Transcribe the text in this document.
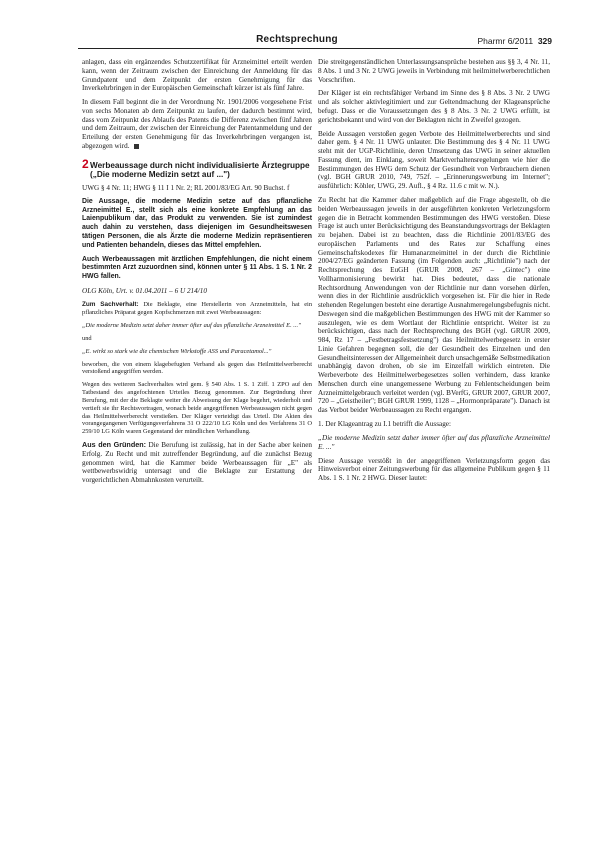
Rechtsprechung	Pharmr 6/2011 329

anlagen, dass ein ergänzendes Schutzzertifikat für Arzneimittel erteilt werden kann, wenn der Zeitraum zwischen der Einreichung der Anmeldung für das Grundpatent und dem Zeitpunkt der ersten Genehmigung für das Inverkehrbringen in der Europäischen Gemeinschaft kürzer ist als fünf Jahre.

In diesem Fall beginnt die in der Verordnung Nr. 1901/2006 vorgesehene Frist von sechs Monaten ab dem Zeitpunkt zu laufen, der dadurch bestimmt wird, dass vom Zeitpunkt des Ablaufs des Patents die Differenz zwischen fünf Jahren und dem Zeitraum, der zwischen der Einreichung der Patentanmeldung und der Erteilung der ersten Genehmigung für das Inverkehrbringen vergangen ist, abgezogen wird.

2 Werbeaussage durch nicht individualisierte Ärztegruppe („Die moderne Medizin setzt auf ...")

UWG § 4 Nr. 11; HWG § 11 I 1 Nr. 2; RL 2001/83/EG Art. 90 Buchst. f

Die Aussage, die moderne Medizin setze auf das pflanzliche Arzneimittel E., stellt sich als eine konkrete Empfehlung an das Laienpublikum dar, das Produkt zu verwenden. Sie ist zumindest auch dahin zu verstehen, dass diejenigen im Gesundheitswesen tätigen Personen, die als Ärzte die moderne Medizin repräsentieren und Patienten behandeln, dieses das Mittel empfehlen.

Auch Werbeaussagen mit ärztlichen Empfehlungen, die nicht einem bestimmten Arzt zuzuordnen sind, können unter § 11 Abs. 1 S. 1 Nr. 2 HWG fallen.

OLG Köln, Urt. v. 01.04.2011 – 6 U 214/10

Zum Sachverhalt: Die Beklagte, eine Herstellerin von Arzneimitteln, hat ein pflanzliches Präparat gegen Kopfschmerzen mit zwei Werbeaussagen:

„Die moderne Medizin setzt daher immer öfter auf das pflanzliche Arzneimittel E. ..."

und

„E. wirkt so stark wie die chemischen Wirkstoffe ASS und Paracetamol..."

beworben, die von einem klagebefugten Verband als gegen das Heilmittelwerberecht verstoßend angegriffen werden.

Wegen des weiteren Sachverhaltes wird gem. § 540 Abs. 1 S. 1 Ziff. 1 ZPO auf den Tatbestand des angefochtenen Urteiles Bezug genommen. Zur Begründung ihrer Berufung, mit der die Beklagte weiter die Abweisung der Klage begehrt, wiederholt und vertieft sie ihr Rechtsvortragen, wonach beide angegriffenen Werbeaussagen nicht gegen das Heilmittelwerberecht verstießen. Der Kläger verteidigt das Urteil. Die Akten des vorangegangenen Verfügungsverfahrens 31 O 222/10 LG Köln und des Verfahrens 31 O 259/10 LG Köln waren Gegenstand der mündlichen Verhandlung.

Aus den Gründen: Die Berufung ist zulässig, hat in der Sache aber keinen Erfolg. Zu Recht und mit zutreffender Begründung, auf die zunächst Bezug genommen wird, hat die Kammer beide Werbeaussagen für „E" als wettbewerbswidrig untersagt und die Beklagte zur Erstattung der vorgerichtlichen Abmahnkosten verurteilt.

Die streitgegenständlichen Unterlassungsansprüche bestehen aus §§ 3, 4 Nr. 11, 8 Abs. 1 und 3 Nr. 2 UWG jeweils in Verbindung mit heilmittelwerberechtlichen Vorschriften.

Der Kläger ist ein rechtsfähiger Verband im Sinne des § 8 Abs. 3 Nr. 2 UWG und als solcher aktivlegitimiert und zur Geltendmachung der Klageansprüche befugt. Dass er die Voraussetzungen des § 8 Abs. 3 Nr. 2 UWG erfüllt, ist gerichtsbekannt und wird von der Beklagten nicht in Zweifel gezogen.

Beide Aussagen verstoßen gegen Verbote des Heilmittelwerberechts und sind daher gem. § 4 Nr. 11 UWG unlauter. Die Bestimmung des § 4 Nr. 11 UWG steht mit der UGP-Richtlinie, deren Umsetzung das UWG in seiner aktuellen Fassung dient, im Einklang, soweit Marktverhaltensregelungen wie hier die Bestimmungen des HWG dem Schutz der Gesundheit von Verbrauchern dienen (vgl. BGH GRUR 2010, 749, 752f. – „Erinnerungswerbung im Internet"; ausführlich: Köhler, UWG, 29. Aufl., § 4 Rz. 11.6 c mit w. N.).

Zu Recht hat die Kammer daher maßgeblich auf die Frage abgestellt, ob die beiden Werbeaussagen jeweils in der ausgeführten konkreten Verletzungsform gegen die in Betracht kommenden Bestimmungen des HWG verstoßen. Diese Frage ist auch unter Berücksichtigung des Beanstandungsvortrags der Beklagten zu bejahen. Dabei ist zu beachten, dass die Richtlinie 2001/83/EG des europäischen Parlaments und des Rates zur Schaffung eines Gemeinschaftskodexes für Humanarzneimittel in der durch die Richtlinie 2004/27/EG geänderten Fassung (im Folgenden auch: „Richtlinie") nach der Rechtsprechung des EuGH (GRUR 2008, 267 – „Gintec") eine Vollharmonisierung bewirkt hat. Dies bedeutet, dass die nationale Rechtsordnung Anwendungen von der Richtlinie nur dann vorsehen dürfen, wenn dies in der Richtlinie ausdrücklich vorgesehen ist. Für die hier in Rede stehenden Regelungen besteht eine derartige Ausnahmeregelungsbefugnis nicht. Deswegen sind die maßgeblichen Bestimmungen des HWG mit der Kammer so auszulegen, wie es dem Wortlaut der Richtlinie entspricht. Weiter ist zu berücksichtigen, dass nach der Rechtsprechung des BGH (vgl. GRUR 2009, 984, Rz 17 – „Festbetragsfestsetzung") das Heilmittelwerbegesetz in erster Linie Gefahren begegnen soll, die der Gesundheit des Einzelnen und den Gesundheitsinteressen der Allgemeinheit durch unsachgemäße Selbstmedikation unabhängig davon drohen, ob sie im Einzelfall wirklich eintreten. Die Werbeverbote des Heilmittelwerbegesetzes sollen verhindern, dass kranke Menschen durch eine unangemessene Werbung zu Fehlentscheidungen beim Arzneimittelgebrauch verleitet werden (vgl. BVerfG, GRUR 2007, GRUR 2007, 720 – „Geistheiler"; BGH GRUR 1999, 1128 – „Hormonpräparate"). Danach ist das Verbot beider Werbeaussagen zu Recht ergangen.

1. Der Klageantrag zu I.1 betrifft die Aussage:

„Die moderne Medizin setzt daher immer öfter auf das pflanzliche Arzneimittel E. ..."

Diese Aussage verstößt in der angegriffenen Verletzungsform gegen das Hinweisverbot einer Zeitungswerbung für das allgemeine Publikum gegen § 11 Abs. 1 S. 1 Nr. 2 HWG. Dieser lautet:
